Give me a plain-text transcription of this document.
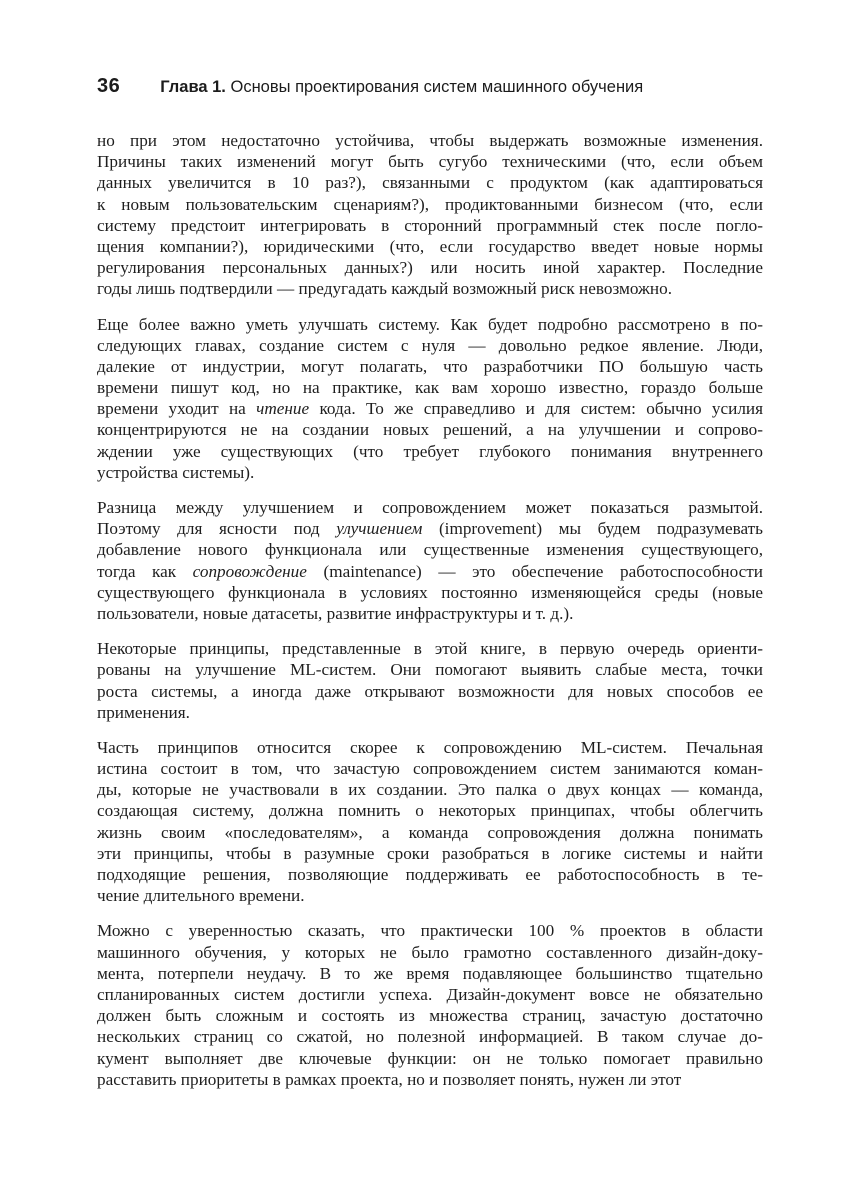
36 Глава 1. Основы проектирования систем машинного обучения
но при этом недостаточно устойчива, чтобы выдержать возможные изменения.
Причины таких изменений могут быть сугубо техническими (что, если объем
данных увеличится в 10 раз?), связанными с продуктом (как адаптироваться
к новым пользовательским сценариям?), продиктованными бизнесом (что, если
систему предстоит интегрировать в сторонний программный стек после погло-
щения компании?), юридическими (что, если государство введет новые нормы
регулирования персональных данных?) или носить иной характер. Последние
годы лишь подтвердили — предугадать каждый возможный риск невозможно.
Еще более важно уметь улучшать систему. Как будет подробно рассмотрено в по-
следующих главах, создание систем с нуля — довольно редкое явление. Люди,
далекие от индустрии, могут полагать, что разработчики ПО большую часть
времени пишут код, но на практике, как вам хорошо известно, гораздо больше
времени уходит на чтение кода. То же справедливо и для систем: обычно усилия
концентрируются не на создании новых решений, а на улучшении и сопрово-
ждении уже существующих (что требует глубокого понимания внутреннего
устройства системы).
Разница между улучшением и сопровождением может показаться размытой.
Поэтому для ясности под улучшением (improvement) мы будем подразумевать
добавление нового функционала или существенные изменения существующего,
тогда как сопровождение (maintenance) — это обеспечение работоспособности
существующего функционала в условиях постоянно изменяющейся среды (новые
пользователи, новые датасеты, развитие инфраструктуры и т. д.).
Некоторые принципы, представленные в этой книге, в первую очередь ориенти-
рованы на улучшение ML-систем. Они помогают выявить слабые места, точки
роста системы, а иногда даже открывают возможности для новых способов ее
применения.
Часть принципов относится скорее к сопровождению ML-систем. Печальная
истина состоит в том, что зачастую сопровождением систем занимаются коман-
ды, которые не участвовали в их создании. Это палка о двух концах — команда,
создающая систему, должна помнить о некоторых принципах, чтобы облегчить
жизнь своим «последователям», а команда сопровождения должна понимать
эти принципы, чтобы в разумные сроки разобраться в логике системы и найти
подходящие решения, позволяющие поддерживать ее работоспособность в те-
чение длительного времени.
Можно с уверенностью сказать, что практически 100 % проектов в области
машинного обучения, у которых не было грамотно составленного дизайн-доку-
мента, потерпели неудачу. В то же время подавляющее большинство тщательно
спланированных систем достигли успеха. Дизайн-документ вовсе не обязательно
должен быть сложным и состоять из множества страниц, зачастую достаточно
нескольких страниц со сжатой, но полезной информацией. В таком случае до-
кумент выполняет две ключевые функции: он не только помогает правильно
расставить приоритеты в рамках проекта, но и позволяет понять, нужен ли этот
